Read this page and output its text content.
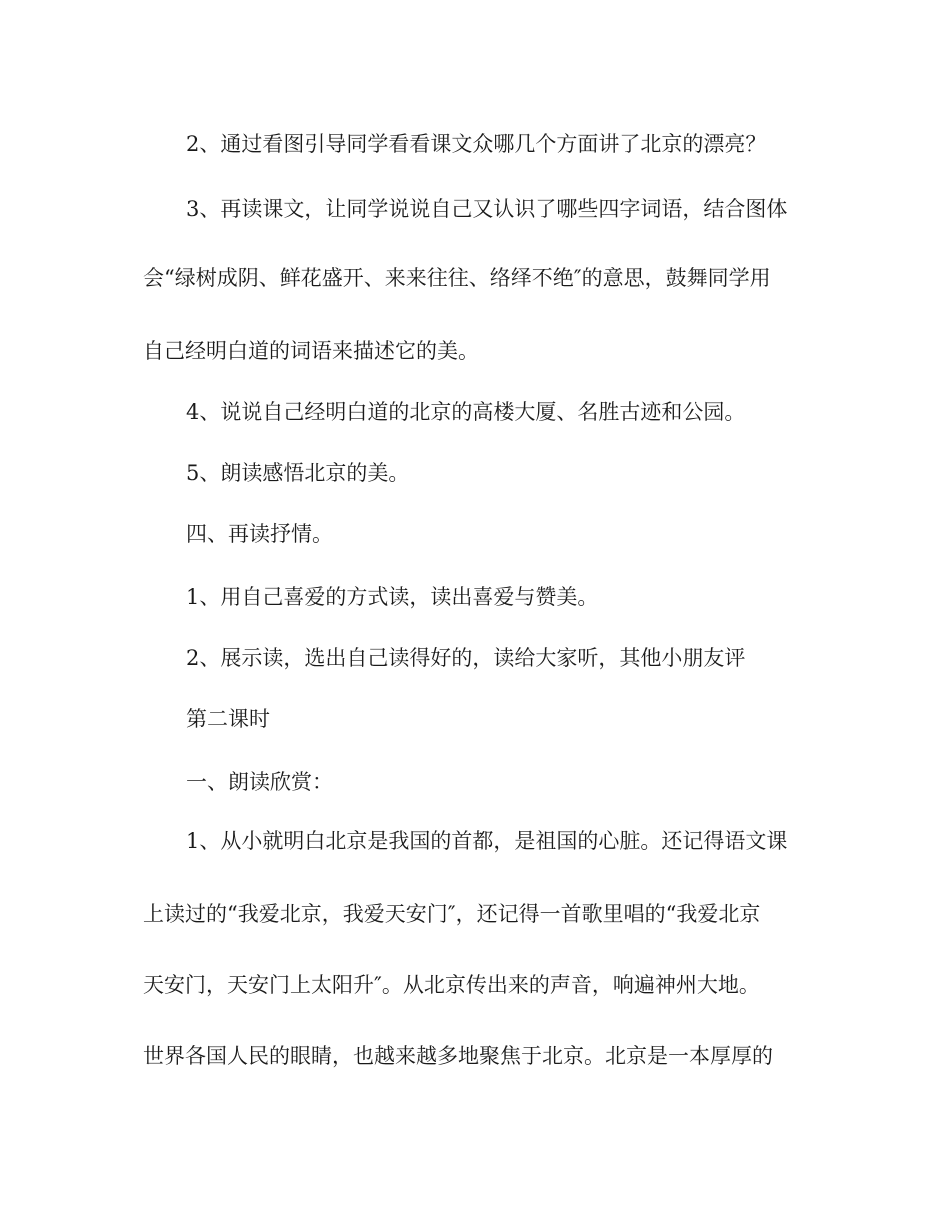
2、通过看图引导同学看看课文众哪几个方面讲了北京的漂亮？
3、再读课文，让同学说说自己又认识了哪些四字词语，结合图体
会“绿树成阴、鲜花盛开、来来往往、络绎不绝″的意思，鼓舞同学用
自己经明白道的词语来描述它的美。
4、说说自己经明白道的北京的高楼大厦、名胜古迹和公园。
5、朗读感悟北京的美。
四、再读抒情。
1、用自己喜爱的方式读，读出喜爱与赞美。
2、展示读，选出自己读得好的，读给大家听，其他小朋友评
第二课时
一、朗读欣赏：
1、从小就明白北京是我国的首都，是祖国的心脏。还记得语文课
上读过的“我爱北京，我爱天安门″，还记得一首歌里唱的“我爱北京
天安门，天安门上太阳升″。从北京传出来的声音，响遍神州大地。
世界各国人民的眼睛，也越来越多地聚焦于北京。北京是一本厚厚的
